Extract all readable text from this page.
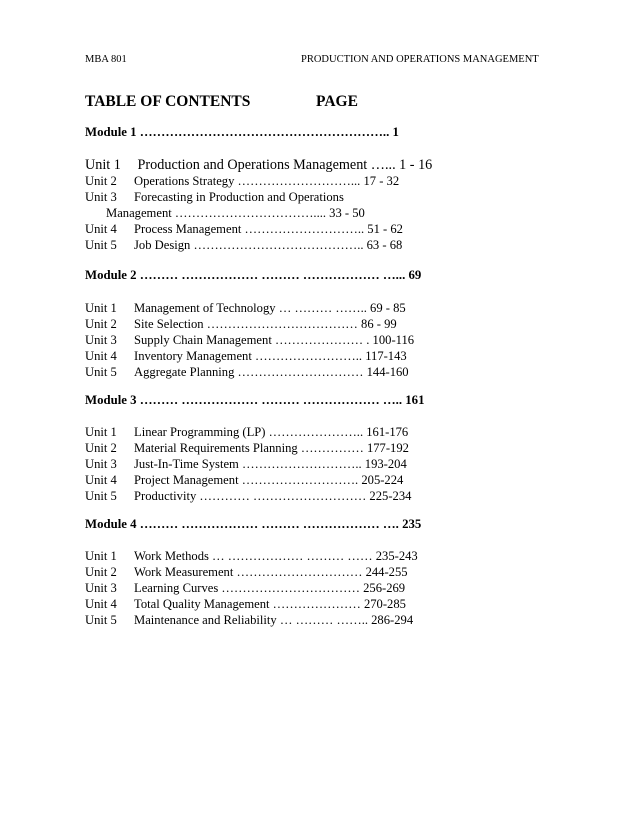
MBA 801	PRODUCTION AND OPERATIONS MANAGEMENT
TABLE OF CONTENTS	PAGE
Module 1 ………………………………………………….. 1
Unit 1 Production and Operations Management …... 1 - 16
Unit 2 Operations Strategy ………………………... 17 - 32
Unit 3 Forecasting in Production and Operations
Management …………………………….... 33 - 50
Unit 4 Process Management ……………………….. 51 - 62
Unit 5 Job Design ………………………………….. 63 - 68
Module 2 ……… ……………… ……… ……………… …... 69
Unit 1 Management of Technology … ……… …….. 69 - 85
Unit 2 Site Selection ……………………………… 86 - 99
Unit 3 Supply Chain Management ………………… . 100-116
Unit 4 Inventory Management …………………….. 117-143
Unit 5 Aggregate Planning ………………………… 144-160
Module 3 ……… ……………… ……… ……………… ….. 161
Unit 1 Linear Programming (LP) ………………….. 161-176
Unit 2 Material Requirements Planning …………… 177-192
Unit 3 Just-In-Time System ……………………….. 193-204
Unit 4 Project Management ………………………. 205-224
Unit 5 Productivity ………… ……………………… 225-234
Module 4 ……… ……………… ……… ……………… …. 235
Unit 1 Work Methods … ……………… ……… …… 235-243
Unit 2 Work Measurement ………………………… 244-255
Unit 3 Learning Curves …………………………… 256-269
Unit 4 Total Quality Management ………………… 270-285
Unit 5 Maintenance and Reliability … ……… …….. 286-294
